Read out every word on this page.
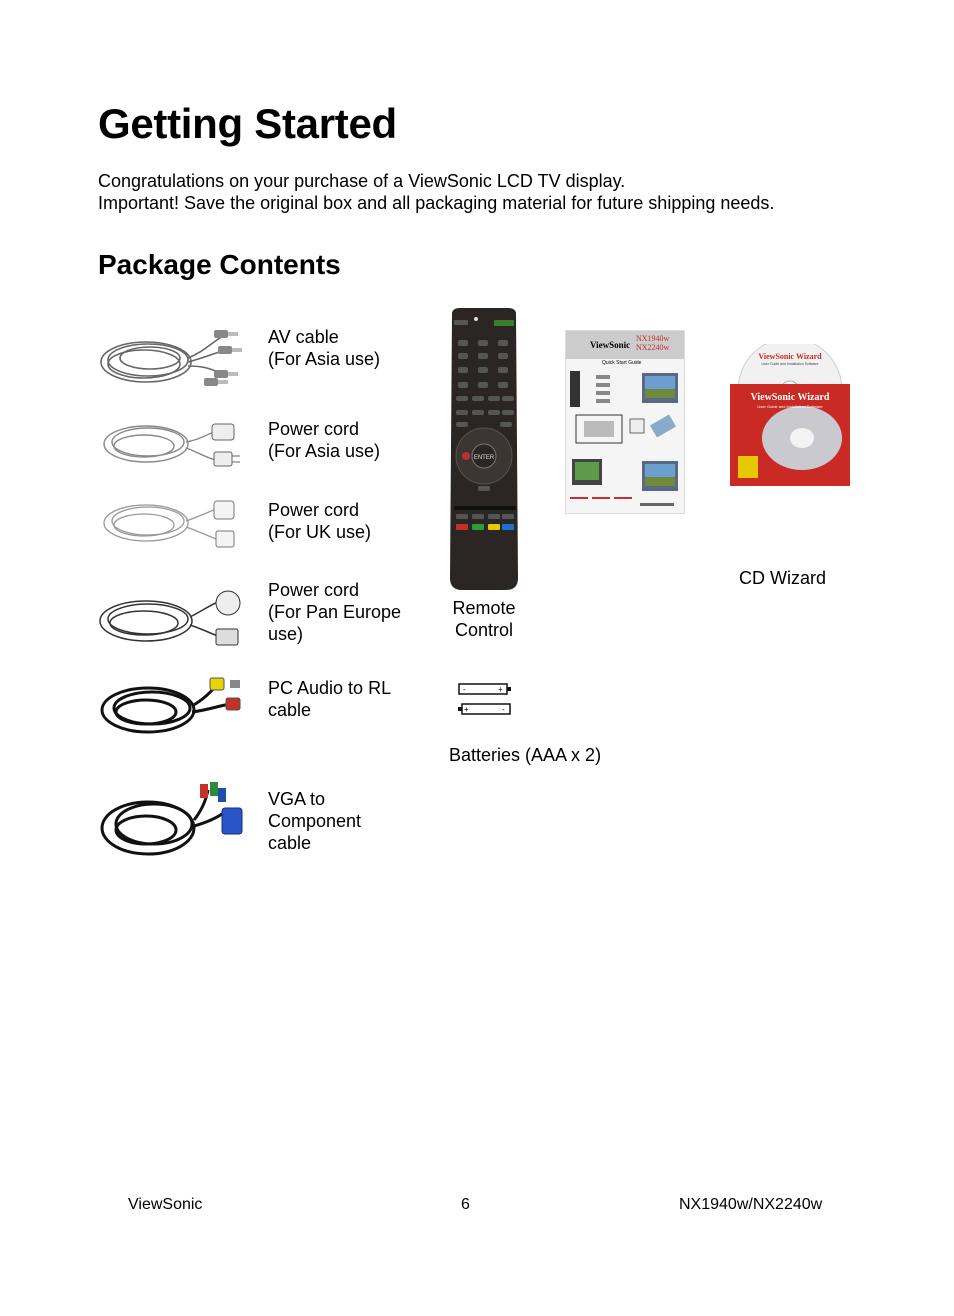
Getting Started
Congratulations on your purchase of a ViewSonic LCD TV display.
Important! Save the original box and all packaging material for future shipping needs.
Package Contents
AV cable
(For Asia use)
Power cord
(For Asia use)
Power cord
(For UK use)
Power cord
(For Pan Europe
use)
PC Audio to RL
cable
VGA to
Component
cable
ENTER
Remote
Control
-	+
+	-
Batteries (AAA x 2)
ViewSonic
NX1940w
NX2240w
Quick Start Guide
ViewSonic Wizard
User Guide and Installation Software
ViewSonic Wizard
User Guide and Installation Software
CD Wizard
ViewSonic	6	NX1940w/NX2240w
